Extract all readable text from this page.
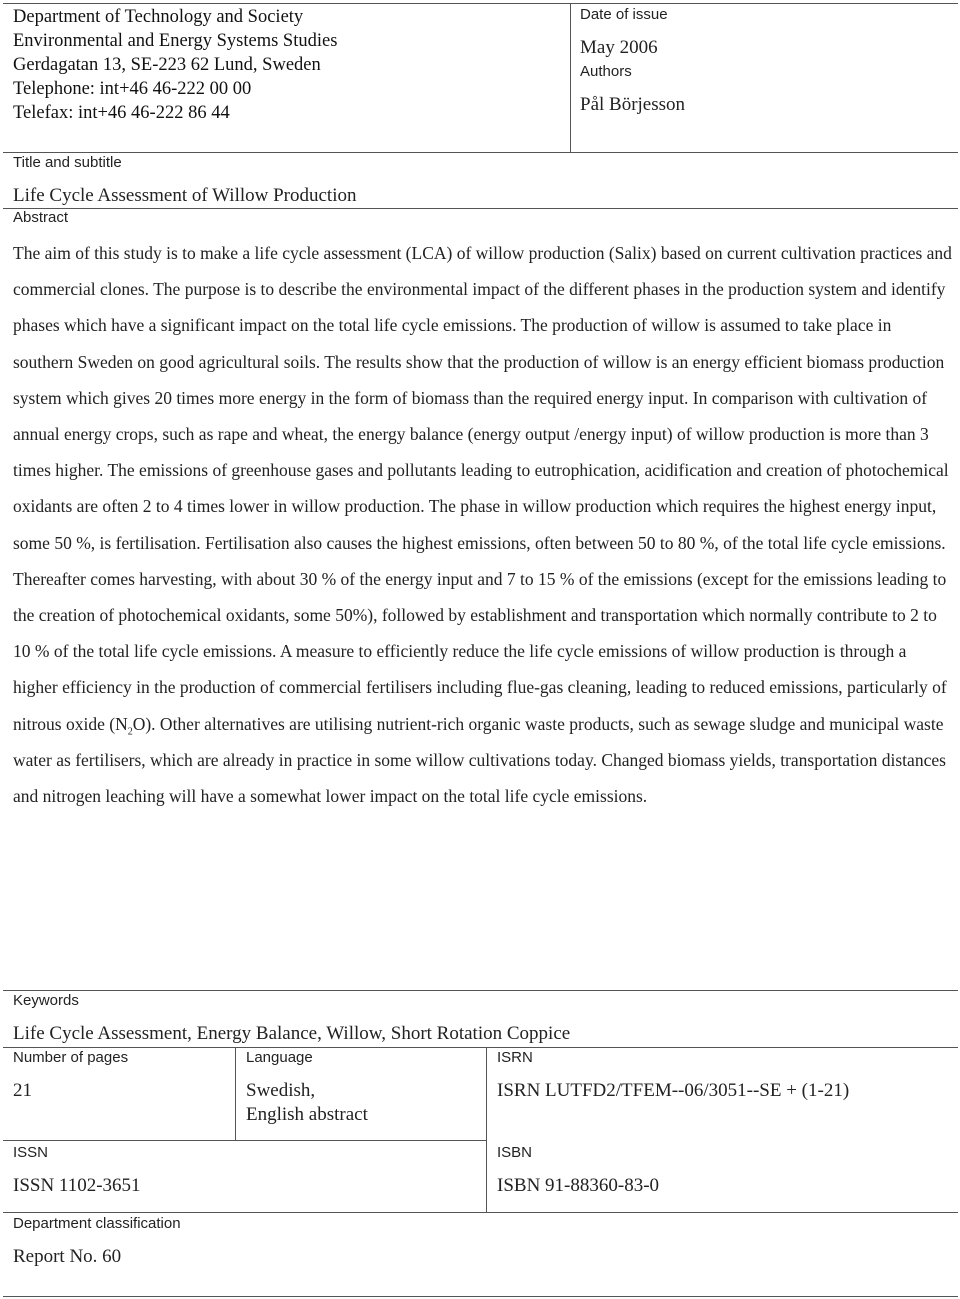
Department of Technology and Society
Environmental and Energy Systems Studies
Gerdagatan 13, SE-223 62 Lund, Sweden
Telephone: int+46 46-222 00 00
Telefax: int+46 46-222 86 44
Date of issue
May 2006
Authors
Pål Börjesson
Title and subtitle
Life Cycle Assessment of Willow Production
Abstract
The aim of this study is to make a life cycle assessment (LCA) of willow production (Salix) based on current cultivation practices and commercial clones. The purpose is to describe the environmental impact of the different phases in the production system and identify phases which have a significant impact on the total life cycle emissions. The production of willow is assumed to take place in southern Sweden on good agricultural soils. The results show that the production of willow is an energy efficient biomass production system which gives 20 times more energy in the form of biomass than the required energy input. In comparison with cultivation of annual energy crops, such as rape and wheat, the energy balance (energy output /energy input) of willow production is more than 3 times higher. The emissions of greenhouse gases and pollutants leading to eutrophication, acidification and creation of photochemical oxidants are often 2 to 4 times lower in willow production. The phase in willow production which requires the highest energy input, some 50 %, is fertilisation. Fertilisation also causes the highest emissions, often between 50 to 80 %, of the total life cycle emissions. Thereafter comes harvesting, with about 30 % of the energy input and 7 to 15 % of the emissions (except for the emissions leading to the creation of photochemical oxidants, some 50%), followed by establishment and transportation which normally contribute to 2 to 10 % of the total life cycle emissions. A measure to efficiently reduce the life cycle emissions of willow production is through a higher efficiency in the production of commercial fertilisers including flue-gas cleaning, leading to reduced emissions, particularly of nitrous oxide $(N_2O)$. Other alternatives are utilising nutrient-rich organic waste products, such as sewage sludge and municipal waste water as fertilisers, which are already in practice in some willow cultivations today. Changed biomass yields, transportation distances and nitrogen leaching will have a somewhat lower impact on the total life cycle emissions.
Keywords
Life Cycle Assessment, Energy Balance, Willow, Short Rotation Coppice
Number of pages
21
Language
Swedish,
English abstract
ISRN
ISRN LUTFD2/TFEM--06/3051--SE + (1-21)
ISSN
ISSN 1102-3651
ISBN
ISBN 91-88360-83-0
Department classification
Report No. 60
